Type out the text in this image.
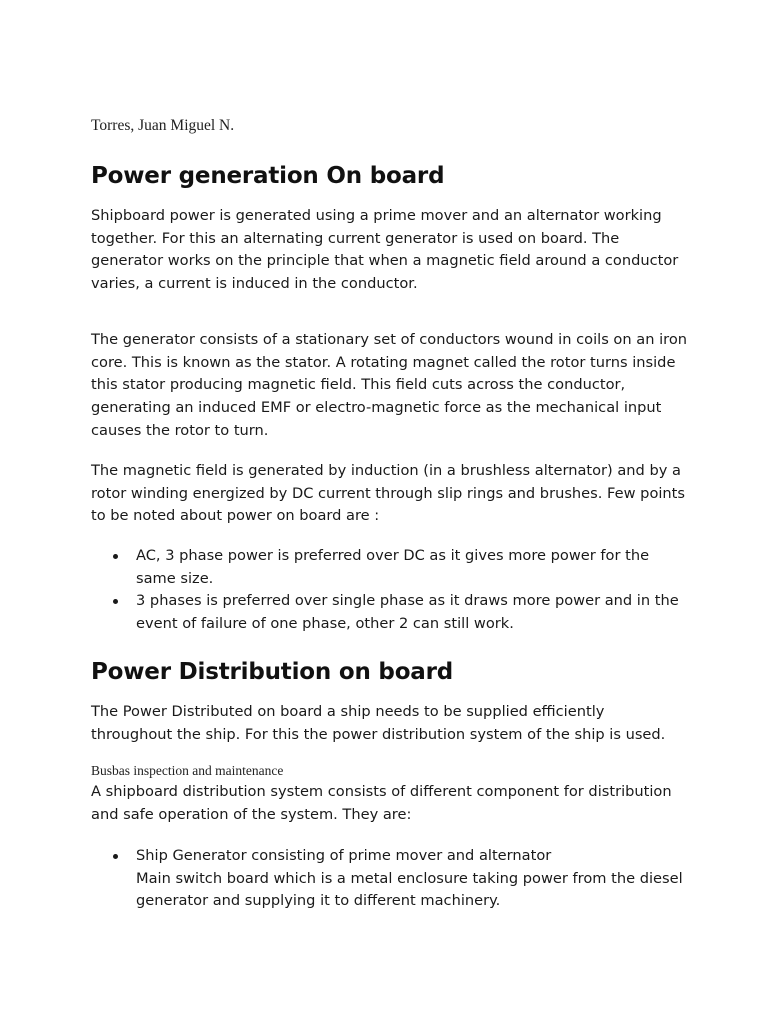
Torres, Juan Miguel N.
Power generation On board

Shipboard power is generated using a prime mover and an alternator working
together. For this an alternating current generator is used on board. The
generator works on the principle that when a magnetic field around a conductor
varies, a current is induced in the conductor.

The generator consists of a stationary set of conductors wound in coils on an iron
core. This is known as the stator. A rotating magnet called the rotor turns inside
this stator producing magnetic field. This field cuts across the conductor,
generating an induced EMF or electro-magnetic force as the mechanical input
causes the rotor to turn.

The magnetic field is generated by induction (in a brushless alternator) and by a
rotor winding energized by DC current through slip rings and brushes. Few points
to be noted about power on board are :

AC, 3 phase power is preferred over DC as it gives more power for the
same size.
3 phases is preferred over single phase as it draws more power and in the
event of failure of one phase, other 2 can still work.
Power Distribution on board

The Power Distributed on board a ship needs to be supplied efficiently
throughout the ship. For this the power distribution system of the ship is used.

Busbas inspection and maintenance

A shipboard distribution system consists of different component for distribution
and safe operation of the system. They are:

Ship Generator consisting of prime mover and alternator
Main switch board which is a metal enclosure taking power from the diesel
generator and supplying it to different machinery.
